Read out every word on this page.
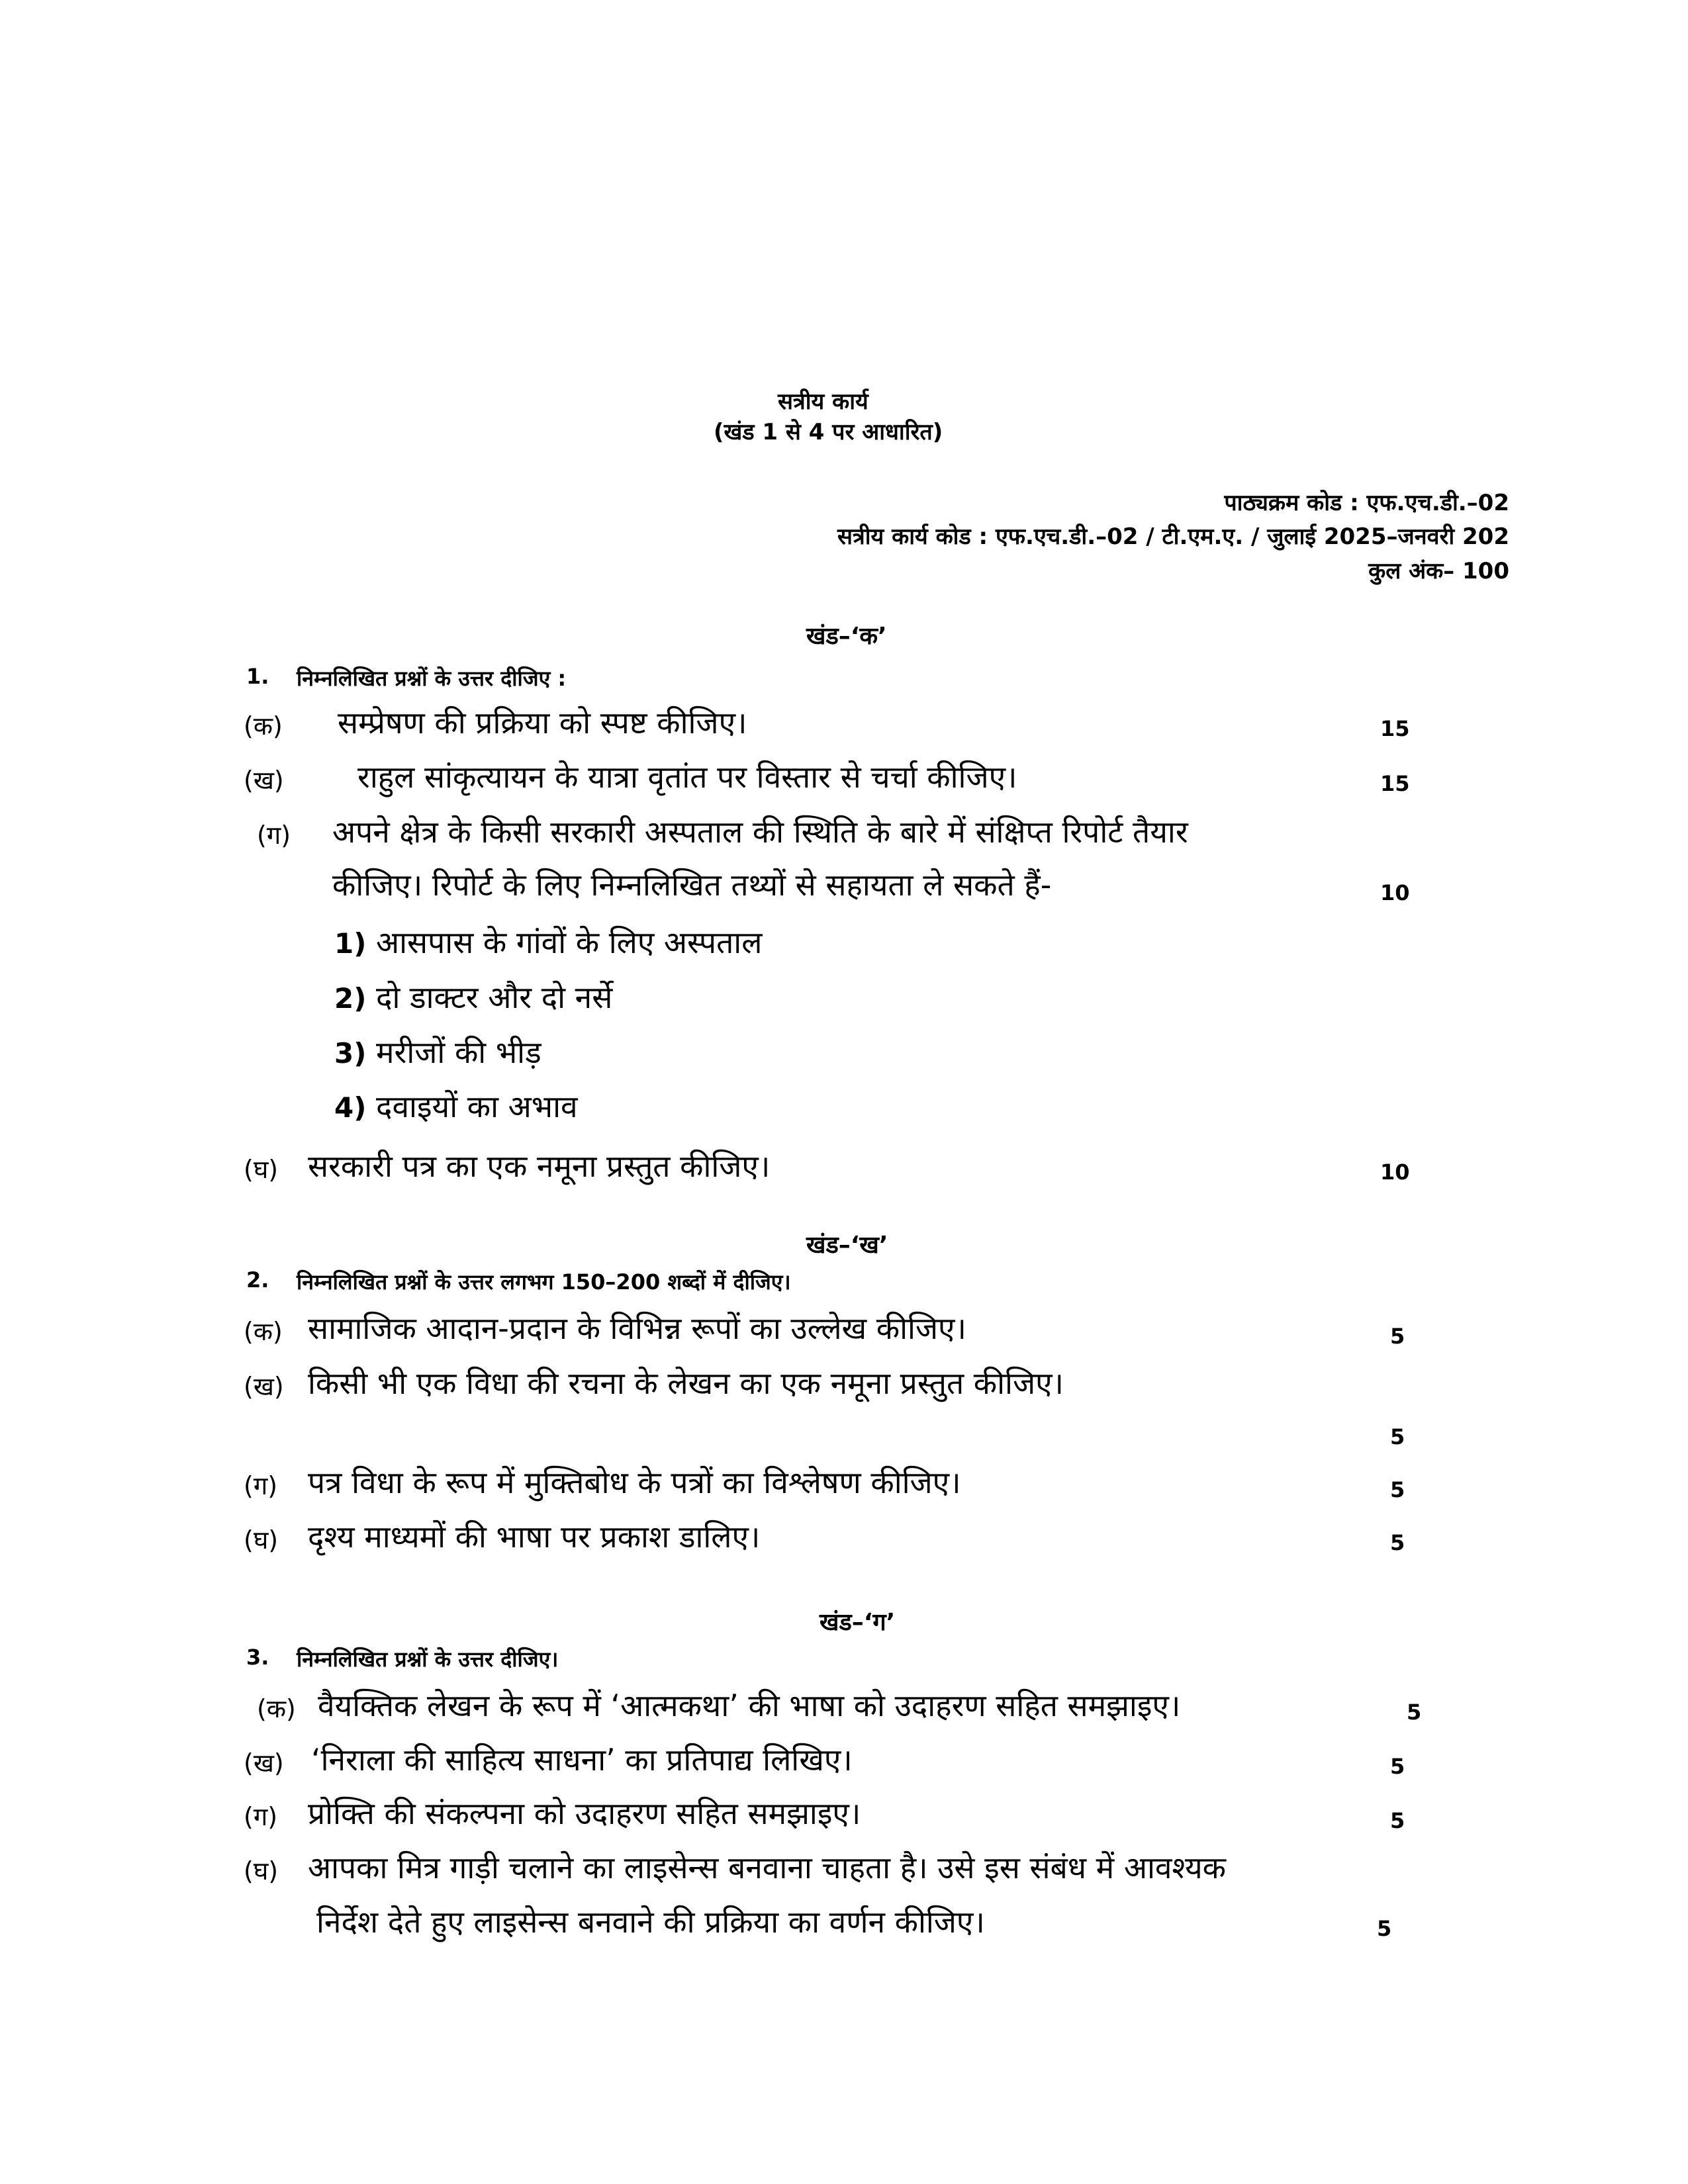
सत्रीय कार्य
(खंड 1 से 4 पर आधारित)
पाठ्यक्रम कोड : एफ.एच.डी.–02
सत्रीय कार्य कोड : एफ.एच.डी.–02 / टी.एम.ए. / जुलाई 2025–जनवरी 202
कुल अंक– 100
खंड–‘क’
1. निम्नलिखित प्रश्नों के उत्तर दीजिए :
(क) सम्प्रेषण की प्रक्रिया को स्पष्ट कीजिए।	15
(ख) राहुल सांकृत्यायन के यात्रा वृतांत पर विस्तार से चर्चा कीजिए।	15
(ग) अपने क्षेत्र के किसी सरकारी अस्पताल की स्थिति के बारे में संक्षिप्त रिपोर्ट तैयार
कीजिए। रिपोर्ट के लिए निम्नलिखित तथ्यों से सहायता ले सकते हैं-	10
1) आसपास के गांवों के लिए अस्पताल
2) दो डाक्टर और दो नर्से
3) मरीजों की भीड़
4) दवाइयों का अभाव
(घ) सरकारी पत्र का एक नमूना प्रस्तुत कीजिए।	10
खंड–‘ख’
2. निम्नलिखित प्रश्नों के उत्तर लगभग 150–200 शब्दों में दीजिए।
(क) सामाजिक आदान-प्रदान के विभिन्न रूपों का उल्लेख कीजिए।	5
(ख) किसी भी एक विधा की रचना के लेखन का एक नमूना प्रस्तुत कीजिए।
5
(ग) पत्र विधा के रूप में मुक्तिबोध के पत्रों का विश्लेषण कीजिए।	5
(घ) दृश्य माध्यमों की भाषा पर प्रकाश डालिए।	5
खंड–‘ग’
3. निम्नलिखित प्रश्नों के उत्तर दीजिए।
(क) वैयक्तिक लेखन के रूप में ‘आत्मकथा’ की भाषा को उदाहरण सहित समझाइए।	5
(ख) ‘निराला की साहित्य साधना’ का प्रतिपाद्य लिखिए।	5
(ग) प्रोक्ति की संकल्पना को उदाहरण सहित समझाइए।	5
(घ) आपका मित्र गाड़ी चलाने का लाइसेन्स बनवाना चाहता है। उसे इस संबंध में आवश्यक
निर्देश देते हुए लाइसेन्स बनवाने की प्रक्रिया का वर्णन कीजिए।	5
